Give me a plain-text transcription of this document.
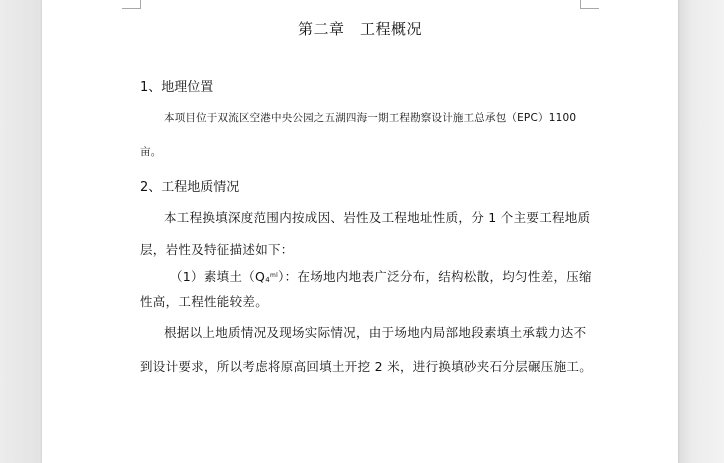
第二章　工程概况
1、地理位置
本项目位于双流区空港中央公园之五湖四海一期工程勘察设计施工总承包（EPC）1100
亩。
2、工程地质情况
本工程换填深度范围内按成因、岩性及工程地址性质，分 1 个主要工程地质
层，岩性及特征描述如下：
（1）素填土$(Q4^{ml})$：在场地内地表广泛分布，结构松散，均匀性差，压缩
性高，工程性能较差。
根据以上地质情况及现场实际情况，由于场地内局部地段素填土承载力达不
到设计要求，所以考虑将原高回填土开挖 2 米，进行换填砂夹石分层碾压施工。
